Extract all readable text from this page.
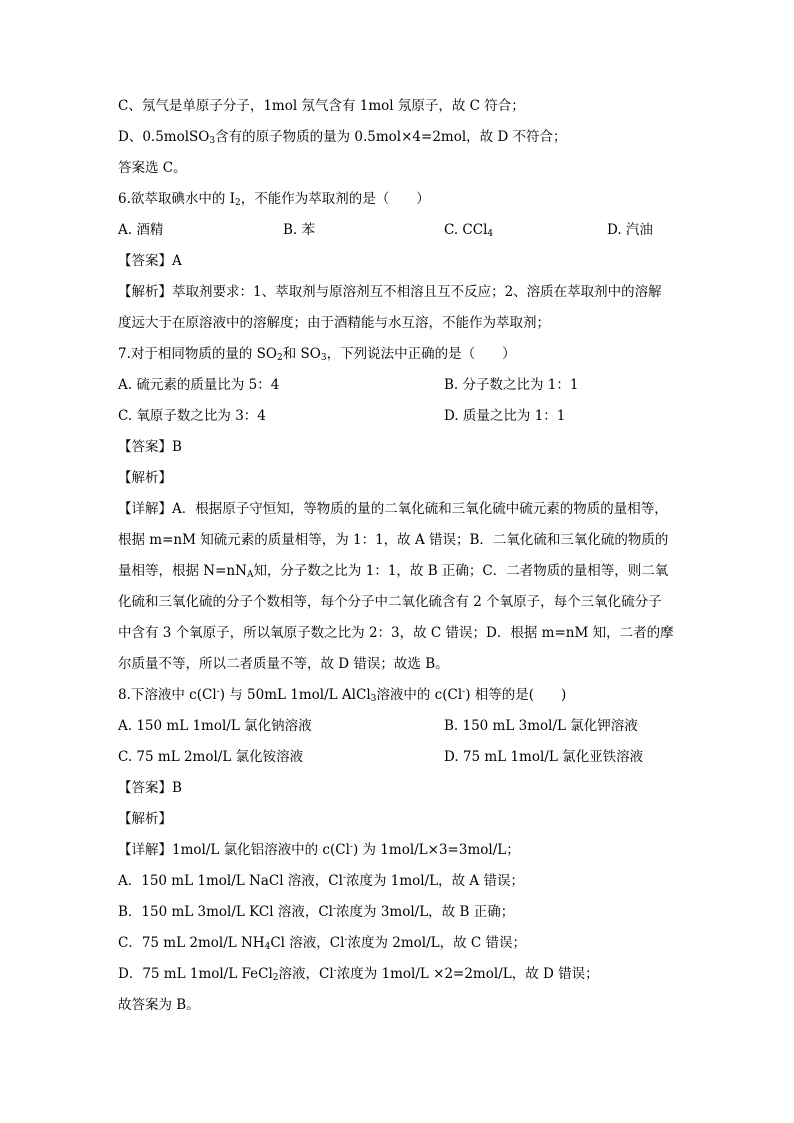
C、氖气是单原子分子，1mol 氖气含有 1mol 氖原子，故 C 符合；
D、0.5molSO$_3$含有的原子物质的量为 0.5mol×4=2mol，故 D 不符合；
答案选 C。
6.欲萃取碘水中的 $I_2$，不能作为萃取剂的是（　　）
A. 酒精	B. 苯	C. CCl$_4$	D. 汽油
【答案】A
【解析】萃取剂要求：1、萃取剂与原溶剂互不相溶且互不反应；2、溶质在萃取剂中的溶解
度远大于在原溶液中的溶解度；由于酒精能与水互溶，不能作为萃取剂；
7.对于相同物质的量的 $SO_2$和 $SO_3$，下列说法中正确的是（　　）
A. 硫元素的质量比为 5：4	B. 分子数之比为 1：1
C. 氧原子数之比为 3：4	D. 质量之比为 1：1
【答案】B
【解析】
【详解】A．根据原子守恒知，等物质的量的二氧化硫和三氧化硫中硫元素的物质的量相等，
根据 m=nM 知硫元素的质量相等，为 1：1，故 A 错误；B．二氧化硫和三氧化硫的物质的
量相等，根据 $N=nN_A$知，分子数之比为 1：1，故 B 正确；C．二者物质的量相等，则二氧
化硫和三氧化硫的分子个数相等，每个分子中二氧化硫含有 2 个氧原子，每个三氧化硫分子
中含有 3 个氧原子，所以氧原子数之比为 2：3，故 C 错误；D．根据 m=nM 知，二者的摩
尔质量不等，所以二者质量不等，故 D 错误；故选 B。
8.下溶液中 c(Cl-) 与 50mL 1mol/L AlCl$_3$溶液中的 c(Cl-) 相等的是(　　)
A. 150 mL 1mol/L 氯化钠溶液	B. 150 mL 3mol/L 氯化钾溶液
C. 75 mL 2mol/L 氯化铵溶液	D. 75 mL 1mol/L 氯化亚铁溶液
【答案】B
【解析】
【详解】1mol/L 氯化铝溶液中的 c(Cl-) 为 1mol/L×3=3mol/L；
A．150 mL 1mol/L NaCl 溶液，Cl-浓度为 1mol/L，故 A 错误；
B．150 mL 3mol/L KCl 溶液，Cl-浓度为 3mol/L，故 B 正确；
C．75 mL 2mol/L $NH_4Cl$ 溶液，Cl-浓度为 2mol/L，故 C 错误；
D．75 mL 1mol/L FeCl$_2$溶液，Cl-浓度为 1mol/L ×2=2mol/L，故 D 错误；
故答案为 B。
